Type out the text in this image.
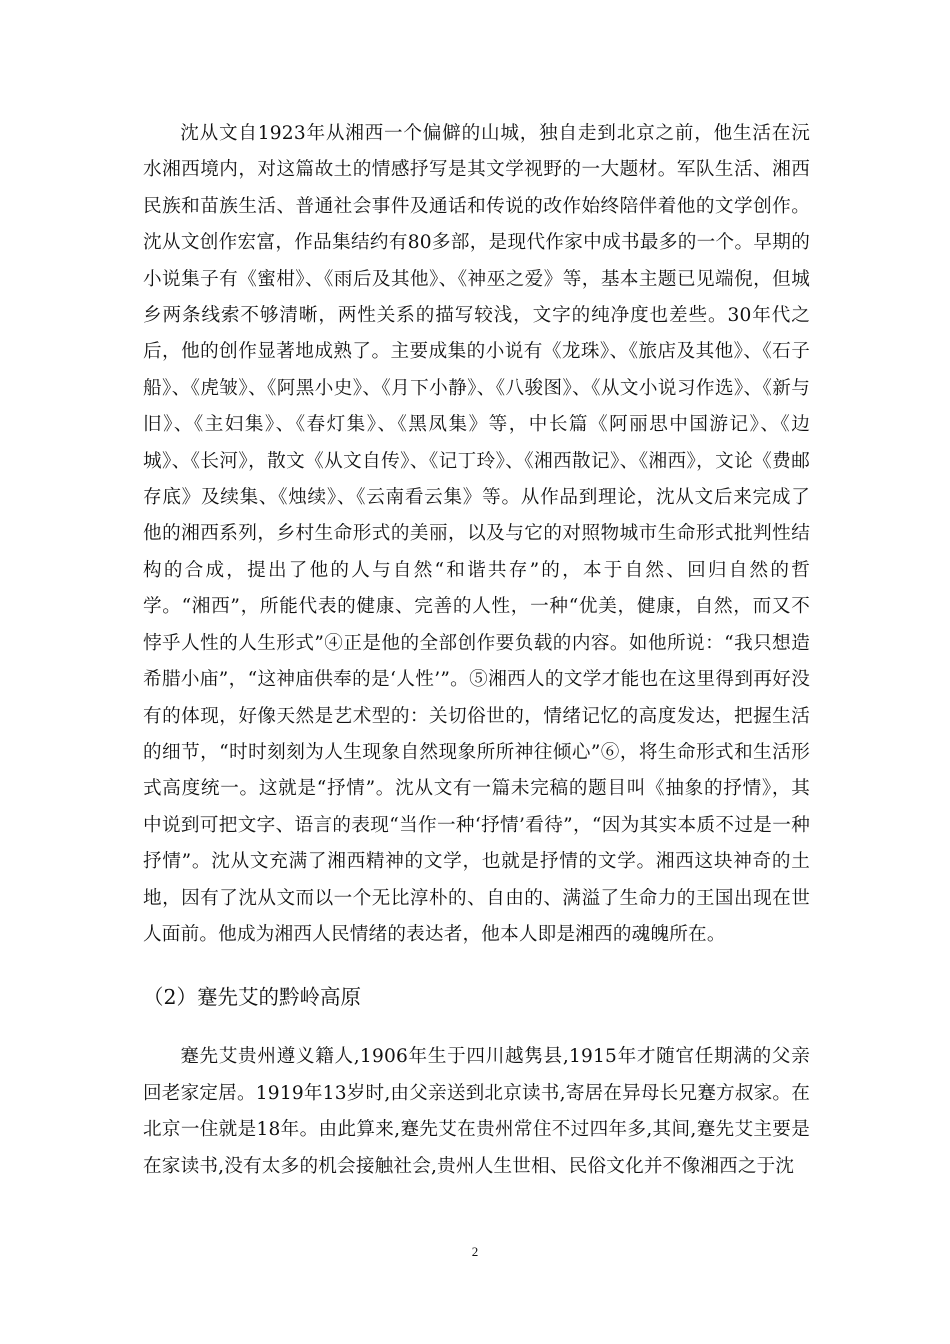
沈从文自1923年从湘西一个偏僻的山城，独自走到北京之前，他生活在沅水湘西境内，对这篇故土的情感抒写是其文学视野的一大题材。军队生活、湘西民族和苗族生活、普通社会事件及通话和传说的改作始终陪伴着他的文学创作。沈从文创作宏富，作品集结约有80多部，是现代作家中成书最多的一个。早期的小说集子有《蜜柑》、《雨后及其他》、《神巫之爱》等，基本主题已见端倪，但城乡两条线索不够清晰，两性关系的描写较浅，文字的纯净度也差些。30年代之后，他的创作显著地成熟了。主要成集的小说有《龙珠》、《旅店及其他》、《石子船》、《虎皱》、《阿黑小史》、《月下小静》、《八骏图》、《从文小说习作选》、《新与旧》、《主妇集》、《春灯集》、《黑凤集》等，中长篇《阿丽思中国游记》、《边城》、《长河》，散文《从文自传》、《记丁玲》、《湘西散记》、《湘西》，文论《费邮存底》及续集、《烛续》、《云南看云集》等。从作品到理论，沈从文后来完成了他的湘西系列，乡村生命形式的美丽，以及与它的对照物城市生命形式批判性结构的合成，提出了他的人与自然“和谐共存”的，本于自然、回归自然的哲学。“湘西”，所能代表的健康、完善的人性，一种“优美，健康，自然，而又不悖乎人性的人生形式”④正是他的全部创作要负载的内容。如他所说：“我只想造希腊小庙”，“这神庙供奉的是‘人性’”。⑤湘西人的文学才能也在这里得到再好没有的体现，好像天然是艺术型的：关切俗世的，情绪记忆的高度发达，把握生活的细节，“时时刻刻为人生现象自然现象所所神往倾心”⑥，将生命形式和生活形式高度统一。这就是“抒情”。沈从文有一篇未完稿的题目叫《抽象的抒情》，其中说到可把文字、语言的表现“当作一种‘抒情’看待”，“因为其实本质不过是一种抒情”。沈从文充满了湘西精神的文学，也就是抒情的文学。湘西这块神奇的土地，因有了沈从文而以一个无比淳朴的、自由的、满溢了生命力的王国出现在世人面前。他成为湘西人民情绪的表达者，他本人即是湘西的魂魄所在。

（2）蹇先艾的黔岭高原

蹇先艾贵州遵义籍人,1906年生于四川越隽县,1915年才随官任期满的父亲回老家定居。1919年13岁时,由父亲送到北京读书,寄居在异母长兄蹇方叔家。在北京一住就是18年。由此算来,蹇先艾在贵州常住不过四年多,其间,蹇先艾主要是在家读书,没有太多的机会接触社会,贵州人生世相、民俗文化并不像湘西之于沈

2
